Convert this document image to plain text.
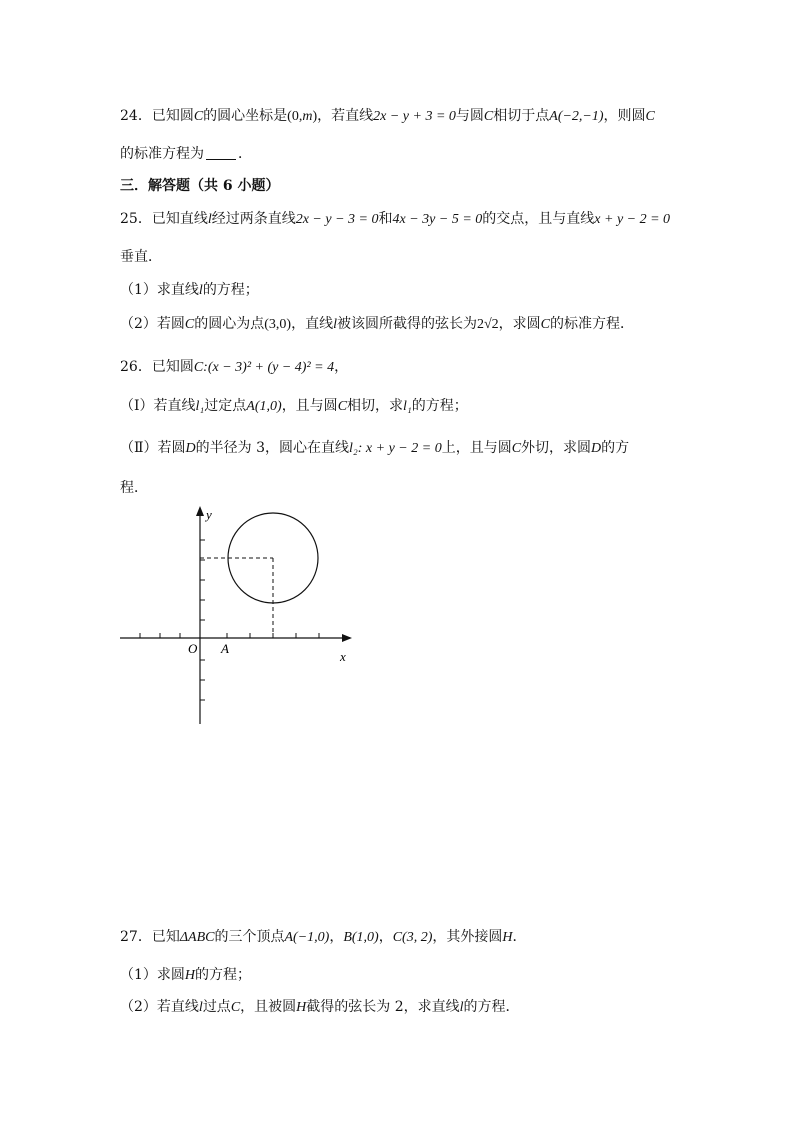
24．已知圆C的圆心坐标是(0,m)，若直线2x − y + 3 = 0与圆C相切于点A(−2,−1)，则圆C
的标准方程为 ．
三．解答题（共 6 小题）
25．已知直线l经过两条直线2x − y − 3 = 0和4x − 3y − 5 = 0的交点，且与直线x + y − 2 = 0
垂直．
（1）求直线l的方程；
（2）若圆C的圆心为点(3,0)，直线l被该圆所截得的弦长为2√2，求圆C的标准方程．
26．已知圆C:(x − 3)² + (y − 4)² = 4，
（Ⅰ）若直线l₁过定点A(1,0)，且与圆C相切，求l₁的方程；
（Ⅱ）若圆D的半径为 3，圆心在直线l₂: x + y − 2 = 0上，且与圆C外切，求圆D的方
程．
y
x
O A
27．已知ΔABC的三个顶点A(−1,0)，B(1,0)，C(3, 2)，其外接圆H．
（1）求圆H的方程；
（2）若直线l过点C，且被圆H截得的弦长为 2，求直线l的方程．
